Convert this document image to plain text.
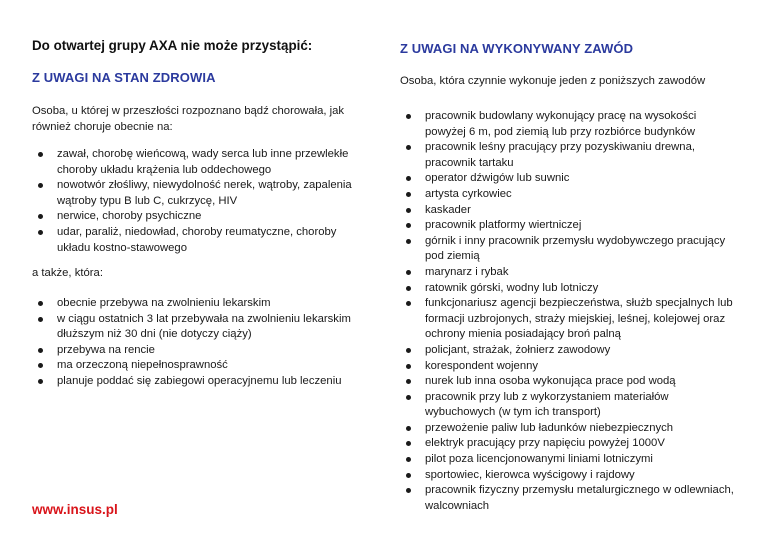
Do otwartej grupy AXA nie może przystąpić:
Z UWAGI NA STAN ZDROWIA
Osoba, u której w przeszłości rozpoznano bądź chorowała, jak również choruje obecnie na:
zawał, chorobę wieńcową, wady serca lub inne przewlekłe choroby układu krążenia lub oddechowego
nowotwór złośliwy, niewydolność nerek, wątroby, zapalenia wątroby typu B lub C, cukrzycę, HIV
nerwice, choroby psychiczne
udar, paraliż, niedowład, choroby reumatyczne, choroby układu kostno-stawowego
a także, która:
obecnie przebywa na zwolnieniu lekarskim
w ciągu ostatnich 3 lat przebywała na zwolnieniu lekarskim dłuższym niż 30 dni (nie dotyczy ciąży)
przebywa na rencie
ma orzeczoną niepełnosprawność
planuje poddać się zabiegowi operacyjnemu lub leczeniu
www.insus.pl
Z UWAGI NA WYKONYWANY ZAWÓD
Osoba, która czynnie wykonuje jeden z poniższych zawodów
pracownik budowlany wykonujący pracę na wysokości powyżej 6 m, pod ziemią lub przy rozbiórce budynków
pracownik leśny pracujący przy pozyskiwaniu drewna, pracownik tartaku
operator dźwigów lub suwnic
artysta cyrkowiec
kaskader
pracownik platformy wiertniczej
górnik i inny pracownik przemysłu wydobywczego pracujący pod ziemią
marynarz i rybak
ratownik górski, wodny lub lotniczy
funkcjonariusz agencji bezpieczeństwa, służb specjalnych lub formacji uzbrojonych, straży miejskiej, leśnej, kolejowej oraz ochrony mienia posiadający broń palną
policjant, strażak, żołnierz zawodowy
korespondent wojenny
nurek lub inna osoba wykonująca prace pod wodą
pracownik przy lub z wykorzystaniem materiałów wybuchowych (w tym ich transport)
przewożenie paliw lub ładunków niebezpiecznych
elektryk pracujący przy napięciu powyżej 1000V
pilot poza licencjonowanymi liniami lotniczymi
sportowiec, kierowca wyścigowy i rajdowy
pracownik fizyczny przemysłu metalurgicznego w odlewniach, walcowniach
